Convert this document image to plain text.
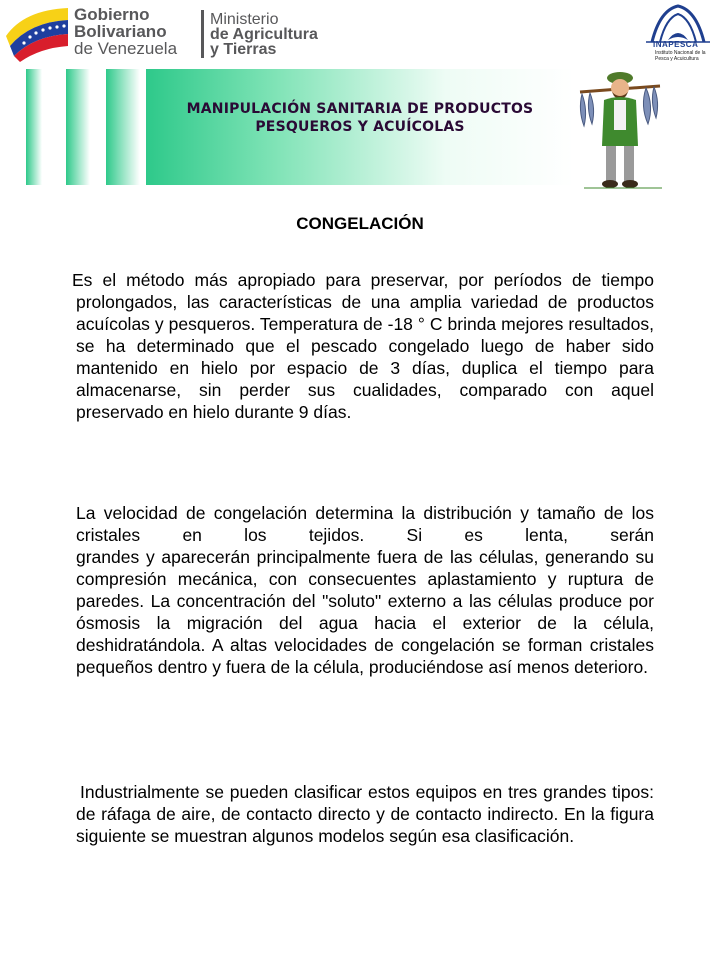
Gobierno
Bolivariano
de Venezuela
Ministerio
de Agricultura
y Tierras	INAPESCA
Instituto Nacional de la Pesca y Acuicultura
MANIPULACIÓN SANITARIA DE PRODUCTOS
PESQUEROS Y ACUÍCOLAS
CONGELACIÓN

Es el método más apropiado para preservar, por períodos de tiempo prolongados, las características de una amplia variedad de productos acuícolas y pesqueros. Temperatura de -18 ° C brinda mejores resultados, se ha determinado que el pescado congelado luego de haber sido mantenido en hielo por espacio de 3 días, duplica el tiempo para almacenarse, sin perder sus cualidades, comparado con aquel preservado en hielo durante 9 días.

La velocidad de congelación determina la distribución y tamaño de los cristales en los tejidos. Si es lenta, serán
grandes y aparecerán principalmente fuera de las células, generando su compresión mecánica, con consecuentes aplastamiento y ruptura de paredes. La concentración del "soluto" externo a las células produce por ósmosis la migración del agua hacia el exterior de la célula, deshidratándola. A altas velocidades de congelación se forman cristales pequeños dentro y fuera de la célula, produciéndose así menos deterioro.

Industrialmente se pueden clasificar estos equipos en tres grandes tipos: de ráfaga de aire, de contacto directo y de contacto indirecto. En la figura siguiente se muestran algunos modelos según esa clasificación.
